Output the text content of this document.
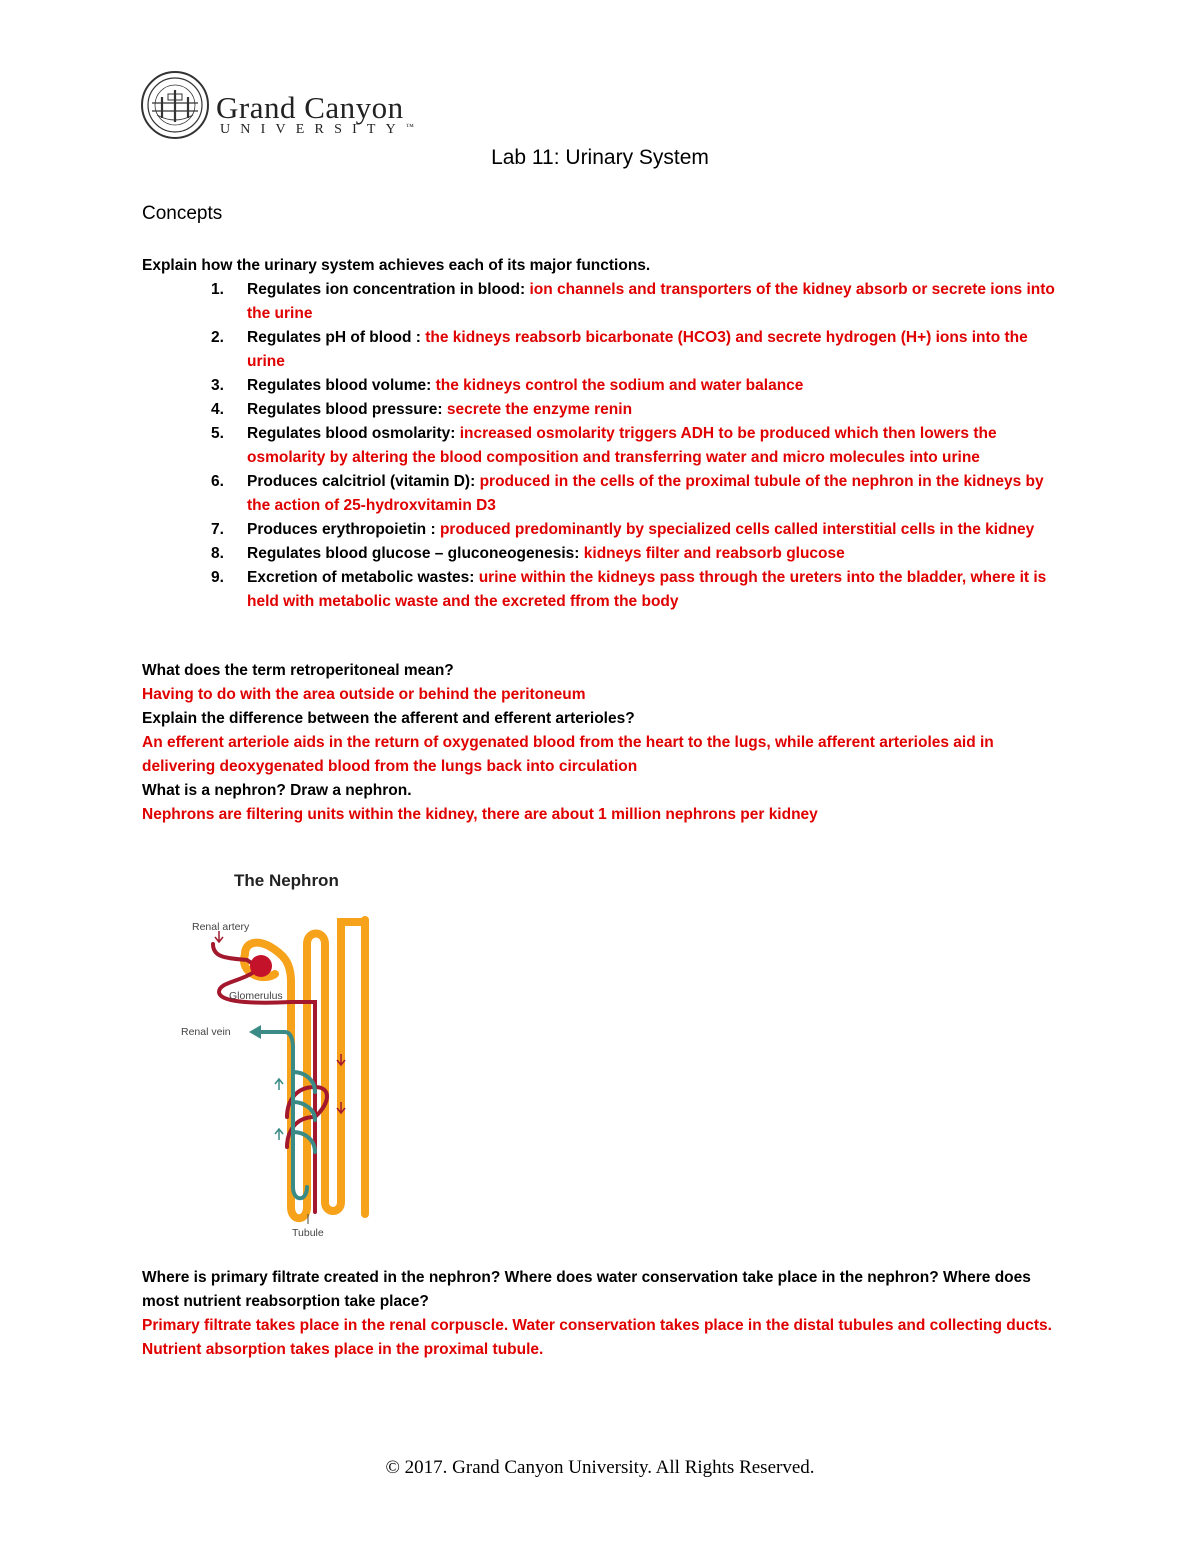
Grand Canyon
UNIVERSITY™
Lab 11: Urinary System
Concepts
Explain how the urinary system achieves each of its major functions.
1. Regulates ion concentration in blood: ion channels and transporters of the kidney absorb or secrete ions into the urine
2. Regulates pH of blood : the kidneys reabsorb bicarbonate (HCO3) and secrete hydrogen (H+) ions into the urine
3. Regulates blood volume: the kidneys control the sodium and water balance
4. Regulates blood pressure: secrete the enzyme renin
5. Regulates blood osmolarity: increased osmolarity triggers ADH to be produced which then lowers the osmolarity by altering the blood composition and transferring water and micro molecules into urine
6. Produces calcitriol (vitamin D): produced in the cells of the proximal tubule of the nephron in the kidneys by the action of 25-hydroxvitamin D3
7. Produces erythropoietin : produced predominantly by specialized cells called interstitial cells in the kidney
8. Regulates blood glucose – gluconeogenesis: kidneys filter and reabsorb glucose
9. Excretion of metabolic wastes: urine within the kidneys pass through the ureters into the bladder, where it is held with metabolic waste and the excreted ffrom the body
What does the term retroperitoneal mean?
Having to do with the area outside or behind the peritoneum
Explain the difference between the afferent and efferent arterioles?
An efferent arteriole aids in the return of oxygenated blood from the heart to the lugs, while afferent arterioles aid in delivering deoxygenated blood from the lungs back into circulation
What is a nephron? Draw a nephron.
Nephrons are filtering units within the kidney, there are about 1 million nephrons per kidney
The Nephron
Renal artery
Glomerulus
Renal vein
Tubule
Where is primary filtrate created in the nephron? Where does water conservation take place in the nephron? Where does most nutrient reabsorption take place?
Primary filtrate takes place in the renal corpuscle. Water conservation takes place in the distal tubules and collecting ducts. Nutrient absorption takes place in the proximal tubule.
© 2017. Grand Canyon University. All Rights Reserved.
